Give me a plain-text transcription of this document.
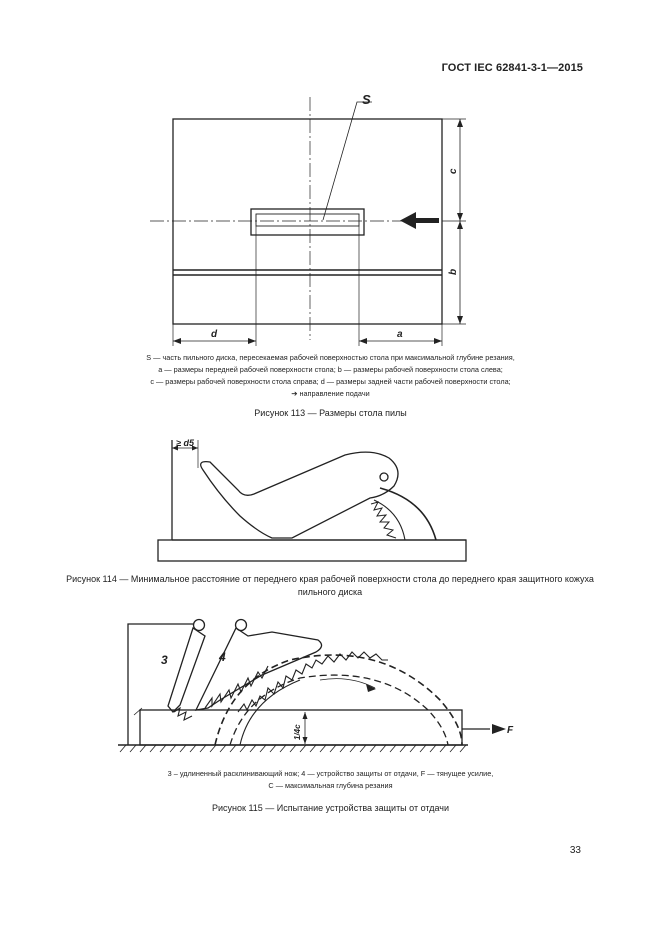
ГОСТ IEC 62841-3-1—2015
S
c
b
d	a
S — часть пильного диска, пересекаемая рабочей поверхностью стола при максимальной глубине резания,
a — размеры передней рабочей поверхности стола; b — размеры рабочей поверхности стола слева;
c — размеры рабочей поверхности стола справа; d — размеры задней части рабочей поверхности стола;
➔ направление подачи
Рисунок 113 — Размеры стола пилы
≥ d5
Рисунок 114 — Минимальное расстояние от переднего края рабочей поверхности стола до переднего края защитного кожуха пильного диска
3	4
F
1/4c
3 – удлиненный расклинивающий нож; 4 — устройство защиты от отдачи, F — тянущее усилие,
C — максимальная глубина резания
Рисунок 115 — Испытание устройства защиты от отдачи
33
